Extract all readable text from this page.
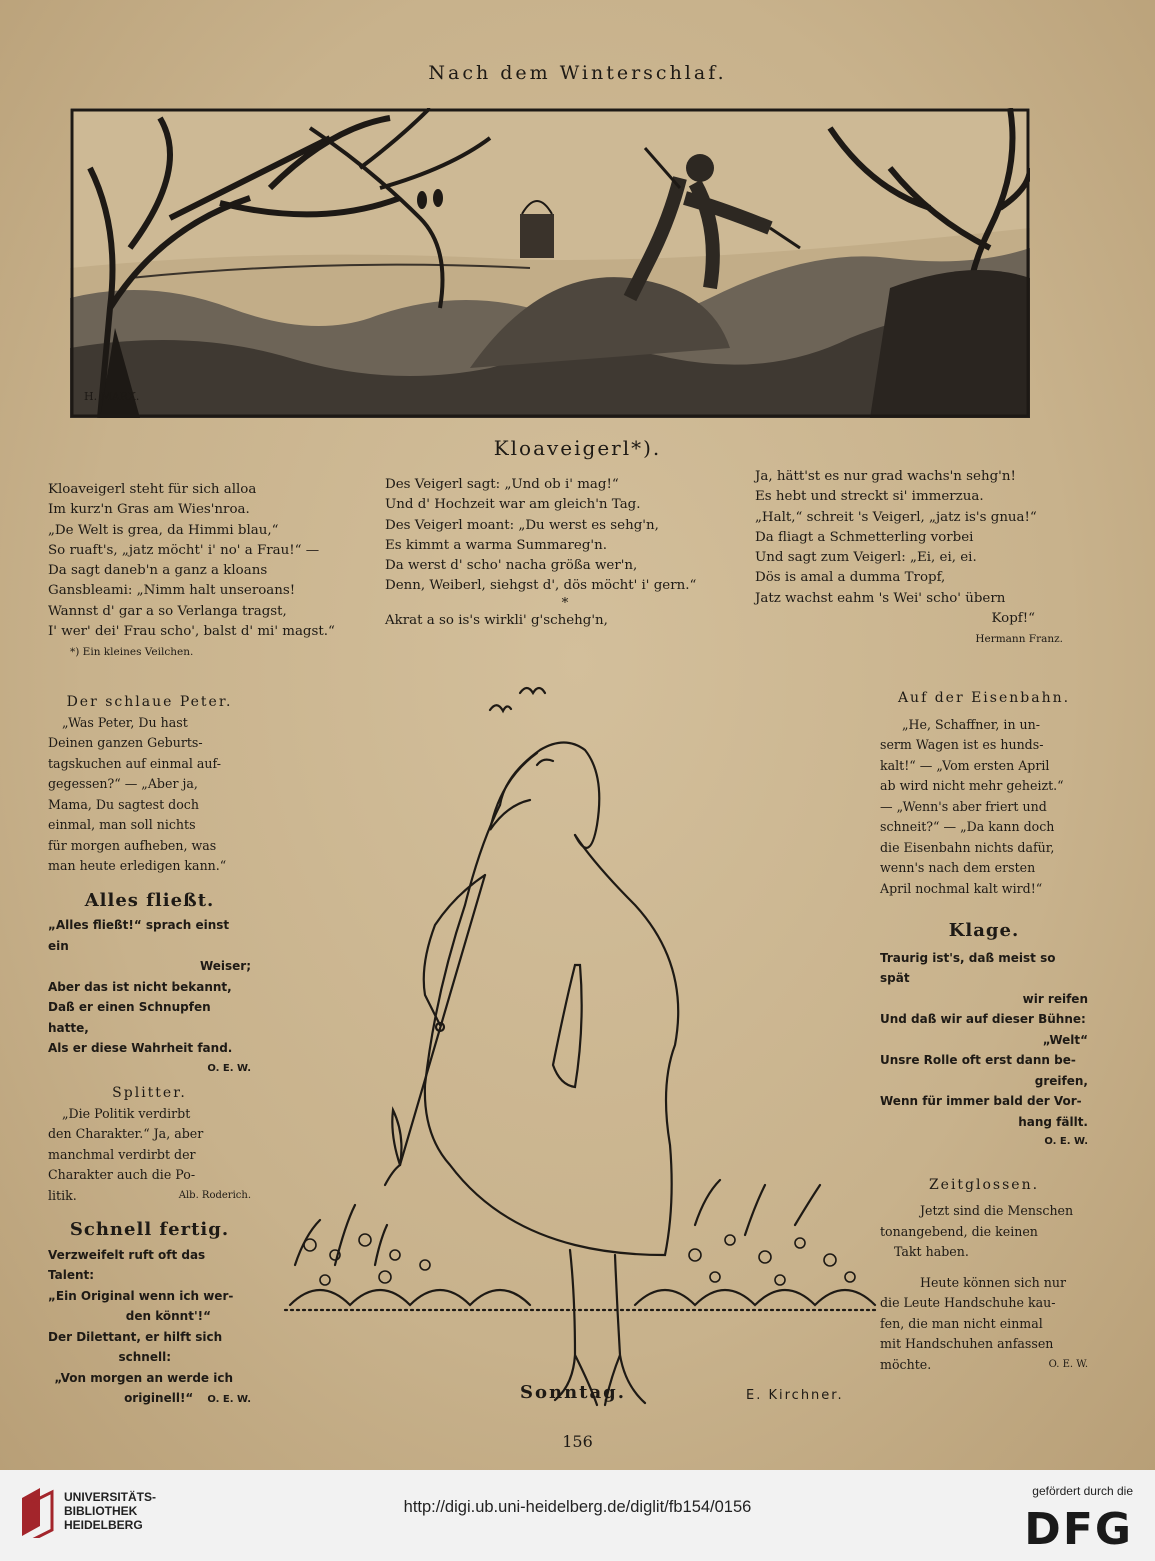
Nach dem Winterschlaf.
H. MARX.
Kloaveigerl*).

Kloaveigerl steht für sich alloa

Im kurz'n Gras am Wies'nroa.

„De Welt is grea, da Himmi blau,“

So ruaft's, „jatz möcht' i' no' a Frau!“ —

Da sagt daneb'n a ganz a kloans

Gansbleami: „Nimm halt unseroans!

Wannst d' gar a so Verlanga tragst,

I' wer' dei' Frau scho', balst d' mi' magst.“

*) Ein kleines Veilchen.

Des Veigerl sagt: „Und ob i' mag!“

Und d' Hochzeit war am gleich'n Tag.

Des Veigerl moant: „Du werst es sehg'n,

Es kimmt a warma Summareg'n.

Da werst d' scho' nacha größa wer'n,

Denn, Weiberl, siehgst d', dös möcht' i' gern.“

*

Akrat a so is's wirkli' g'schehg'n,

Ja, hätt'st es nur grad wachs'n sehg'n!

Es hebt und streckt si' immerzua.

„Halt,“ schreit 's Veigerl, „jatz is's gnua!“

Da fliagt a Schmetterling vorbei

Und sagt zum Veigerl: „Ei, ei, ei.

Dös is amal a dumma Tropf,

Jatz wachst eahm 's Wei' scho' übern

Kopf!“

Hermann Franz.

Der schlaue Peter.

„Was Peter, Du hast

Deinen ganzen Geburts-

tagskuchen auf einmal auf-

gegessen?“ — „Aber ja,

Mama, Du sagtest doch

einmal, man soll nichts

für morgen aufheben, was

man heute erledigen kann.“

Alles fließt.

„Alles fließt!“ sprach einst ein

Weiser;

Aber das ist nicht bekannt,

Daß er einen Schnupfen hatte,

Als er diese Wahrheit fand.

O. E. W.

Splitter.

„Die Politik verdirbt

den Charakter.“ Ja, aber

manchmal verdirbt der

Charakter auch die Po-

litik.	Alb. Roderich.

Schnell fertig.

Verzweifelt ruft oft das Talent:

„Ein Original wenn ich wer-

den könnt'!“

Der Dilettant, er hilft sich

schnell:

„Von morgen an werde ich

originell!“ O. E. W.

Auf der Eisenbahn.

„He, Schaffner, in un-

serm Wagen ist es hunds-

kalt!“ — „Vom ersten April

ab wird nicht mehr geheizt.“

— „Wenn's aber friert und

schneit?“ — „Da kann doch

die Eisenbahn nichts dafür,

wenn's nach dem ersten

April nochmal kalt wird!“

Klage.

Traurig ist's, daß meist so spät

wir reifen

Und daß wir auf dieser Bühne:

„Welt“

Unsre Rolle oft erst dann be-

greifen,

Wenn für immer bald der Vor-

hang fällt.

O. E. W.

Zeitglossen.

Jetzt sind die Menschen

tonangebend, die keinen

Takt haben.

Heute können sich nur

die Leute Handschuhe kau-

fen, die man nicht einmal

mit Handschuhen anfassen

möchte.	O. E. W.

Sonntag.	E. Kirchner.
156
UNIVERSITÄTS-
BIBLIOTHEK
HEIDELBERG
http://digi.ub.uni-heidelberg.de/diglit/fb154/0156
gefördert durch die
DFG
